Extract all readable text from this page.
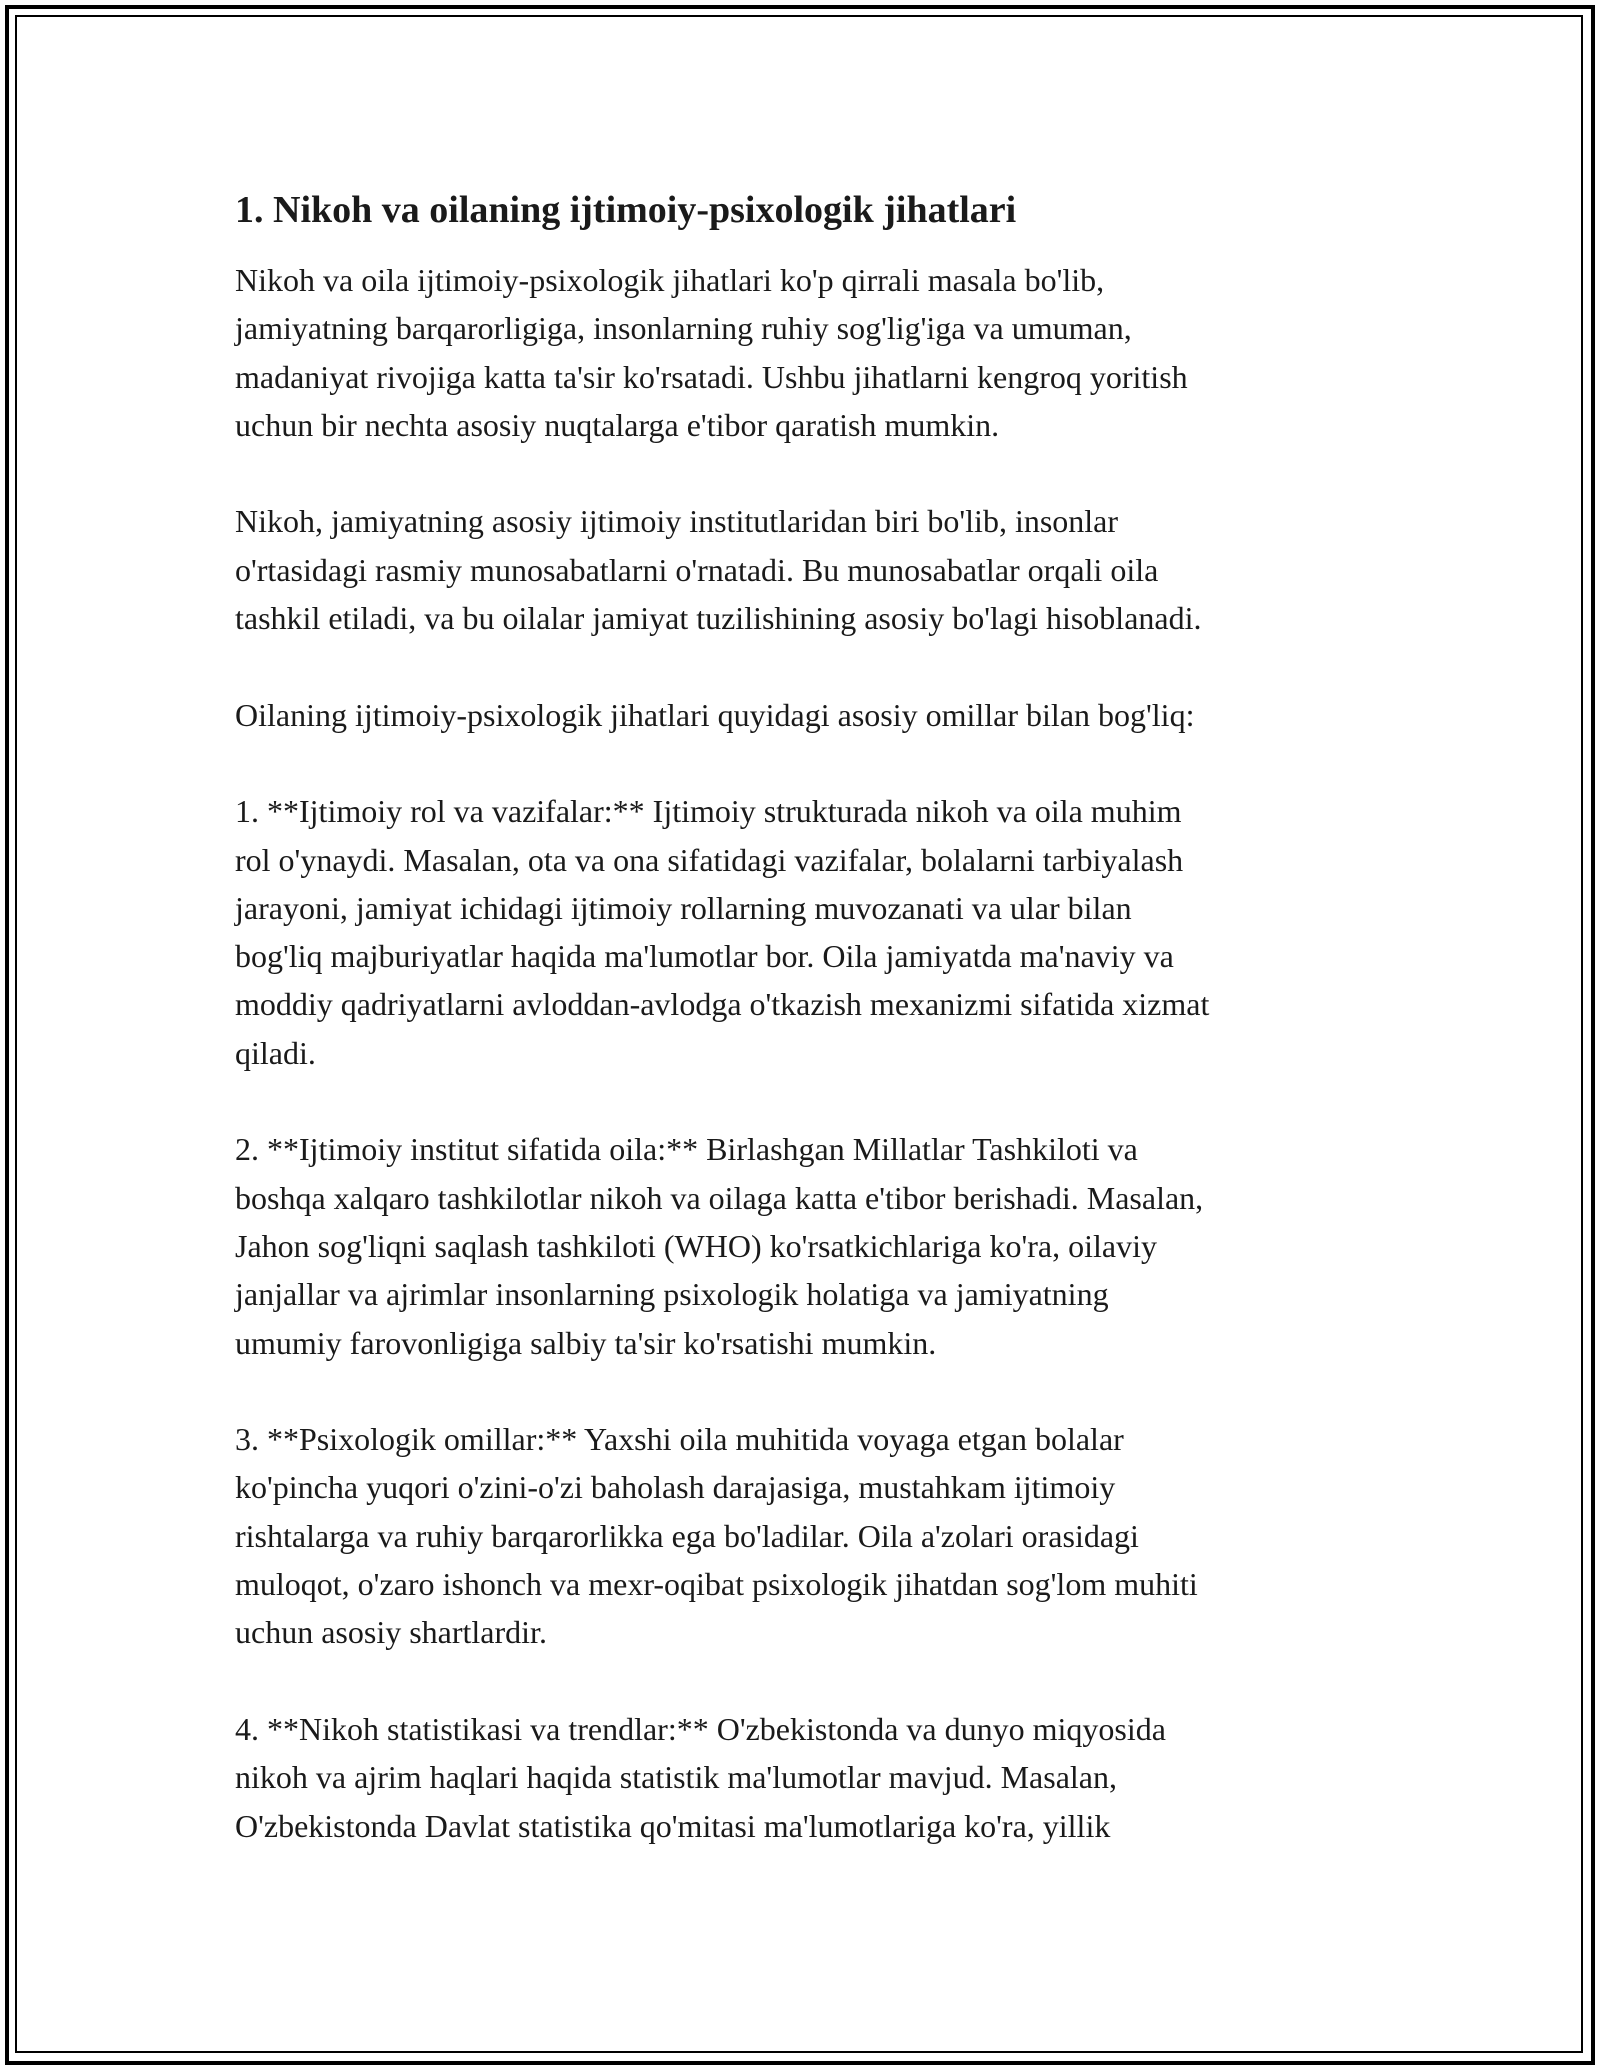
1. Nikoh va oilaning ijtimoiy-psixologik jihatlari

Nikoh va oila ijtimoiy-psixologik jihatlari ko'p qirrali masala bo'lib,
jamiyatning barqarorligiga, insonlarning ruhiy sog'lig'iga va umuman,
madaniyat rivojiga katta ta'sir ko'rsatadi. Ushbu jihatlarni kengroq yoritish
uchun bir nechta asosiy nuqtalarga e'tibor qaratish mumkin.

Nikoh, jamiyatning asosiy ijtimoiy institutlaridan biri bo'lib, insonlar
o'rtasidagi rasmiy munosabatlarni o'rnatadi. Bu munosabatlar orqali oila
tashkil etiladi, va bu oilalar jamiyat tuzilishining asosiy bo'lagi hisoblanadi.

Oilaning ijtimoiy-psixologik jihatlari quyidagi asosiy omillar bilan bog'liq:

1. **Ijtimoiy rol va vazifalar:** Ijtimoiy strukturada nikoh va oila muhim
rol o'ynaydi. Masalan, ota va ona sifatidagi vazifalar, bolalarni tarbiyalash
jarayoni, jamiyat ichidagi ijtimoiy rollarning muvozanati va ular bilan
bog'liq majburiyatlar haqida ma'lumotlar bor. Oila jamiyatda ma'naviy va
moddiy qadriyatlarni avloddan-avlodga o'tkazish mexanizmi sifatida xizmat
qiladi.

2. **Ijtimoiy institut sifatida oila:** Birlashgan Millatlar Tashkiloti va
boshqa xalqaro tashkilotlar nikoh va oilaga katta e'tibor berishadi. Masalan,
Jahon sog'liqni saqlash tashkiloti (WHO) ko'rsatkichlariga ko'ra, oilaviy
janjallar va ajrimlar insonlarning psixologik holatiga va jamiyatning
umumiy farovonligiga salbiy ta'sir ko'rsatishi mumkin.

3. **Psixologik omillar:** Yaxshi oila muhitida voyaga etgan bolalar
ko'pincha yuqori o'zini-o'zi baholash darajasiga, mustahkam ijtimoiy
rishtalarga va ruhiy barqarorlikka ega bo'ladilar. Oila a'zolari orasidagi
muloqot, o'zaro ishonch va mexr-oqibat psixologik jihatdan sog'lom muhiti
uchun asosiy shartlardir.

4. **Nikoh statistikasi va trendlar:** O'zbekistonda va dunyo miqyosida
nikoh va ajrim haqlari haqida statistik ma'lumotlar mavjud. Masalan,
O'zbekistonda Davlat statistika qo'mitasi ma'lumotlariga ko'ra, yillik
